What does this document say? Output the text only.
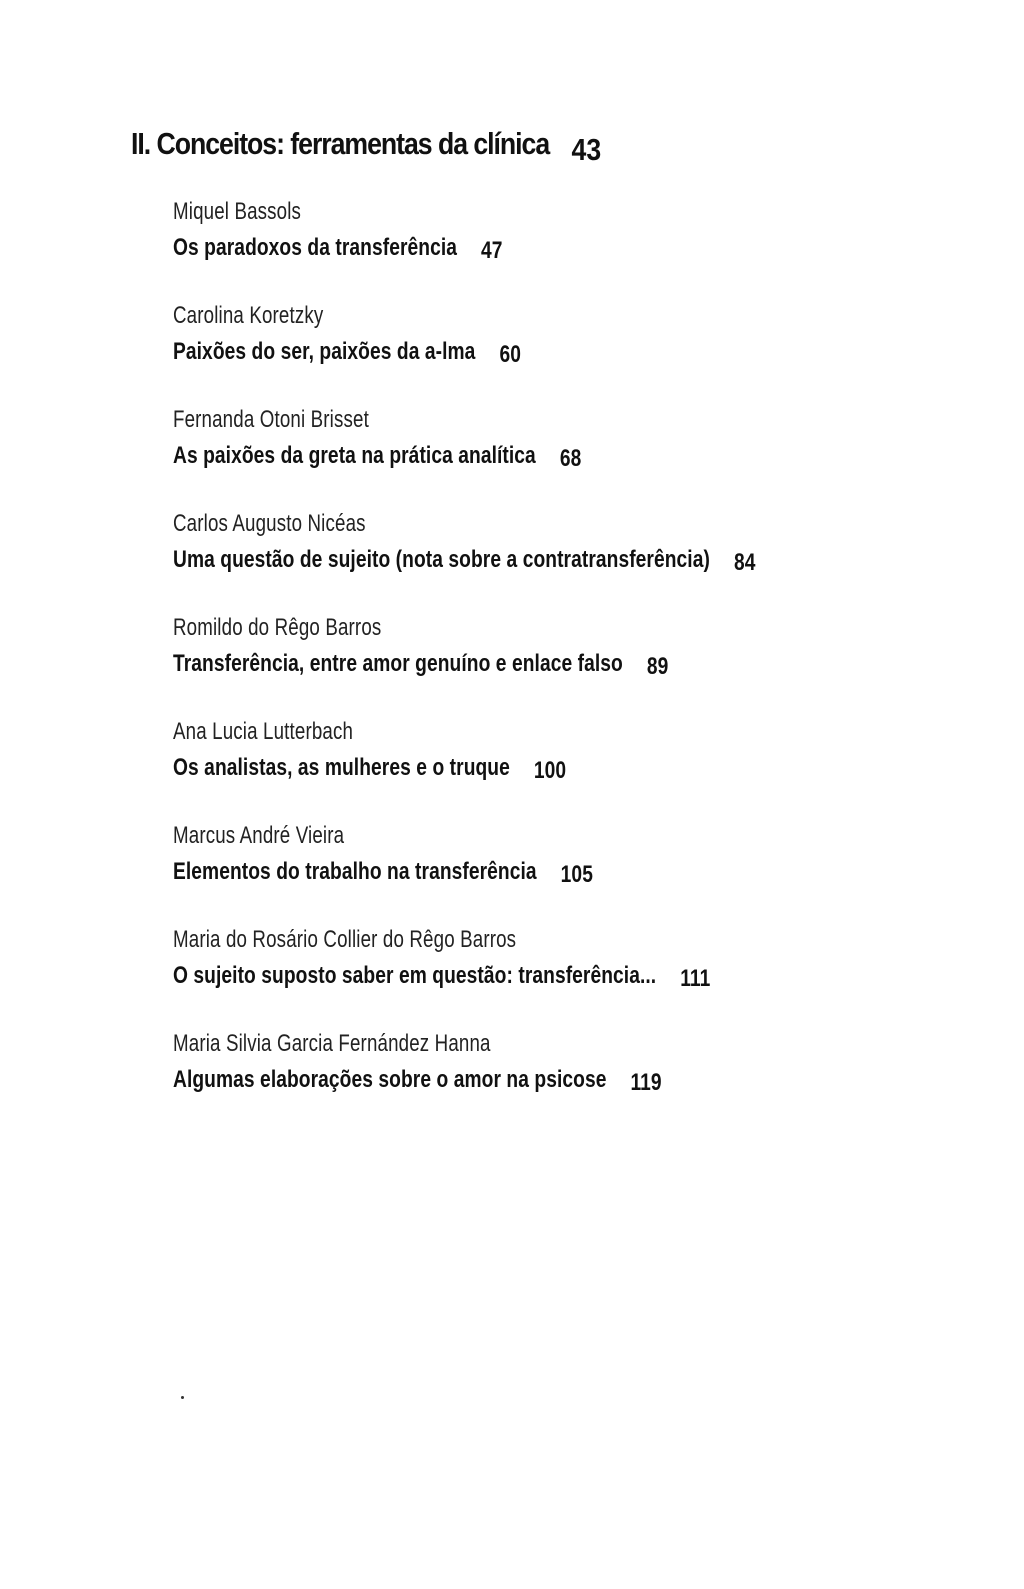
II. Conceitos: ferramentas da clínica 43
Miquel Bassols
Os paradoxos da transferência 47
Carolina Koretzky
Paixões do ser, paixões da a-lma 60
Fernanda Otoni Brisset
As paixões da greta na prática analítica 68
Carlos Augusto Nicéas
Uma questão de sujeito (nota sobre a contratransferência) 84
Romildo do Rêgo Barros
Transferência, entre amor genuíno e enlace falso 89
Ana Lucia Lutterbach
Os analistas, as mulheres e o truque 100
Marcus André Vieira
Elementos do trabalho na transferência 105
Maria do Rosário Collier do Rêgo Barros
O sujeito suposto saber em questão: transferência... 111
Maria Silvia Garcia Fernández Hanna
Algumas elaborações sobre o amor na psicose 119
